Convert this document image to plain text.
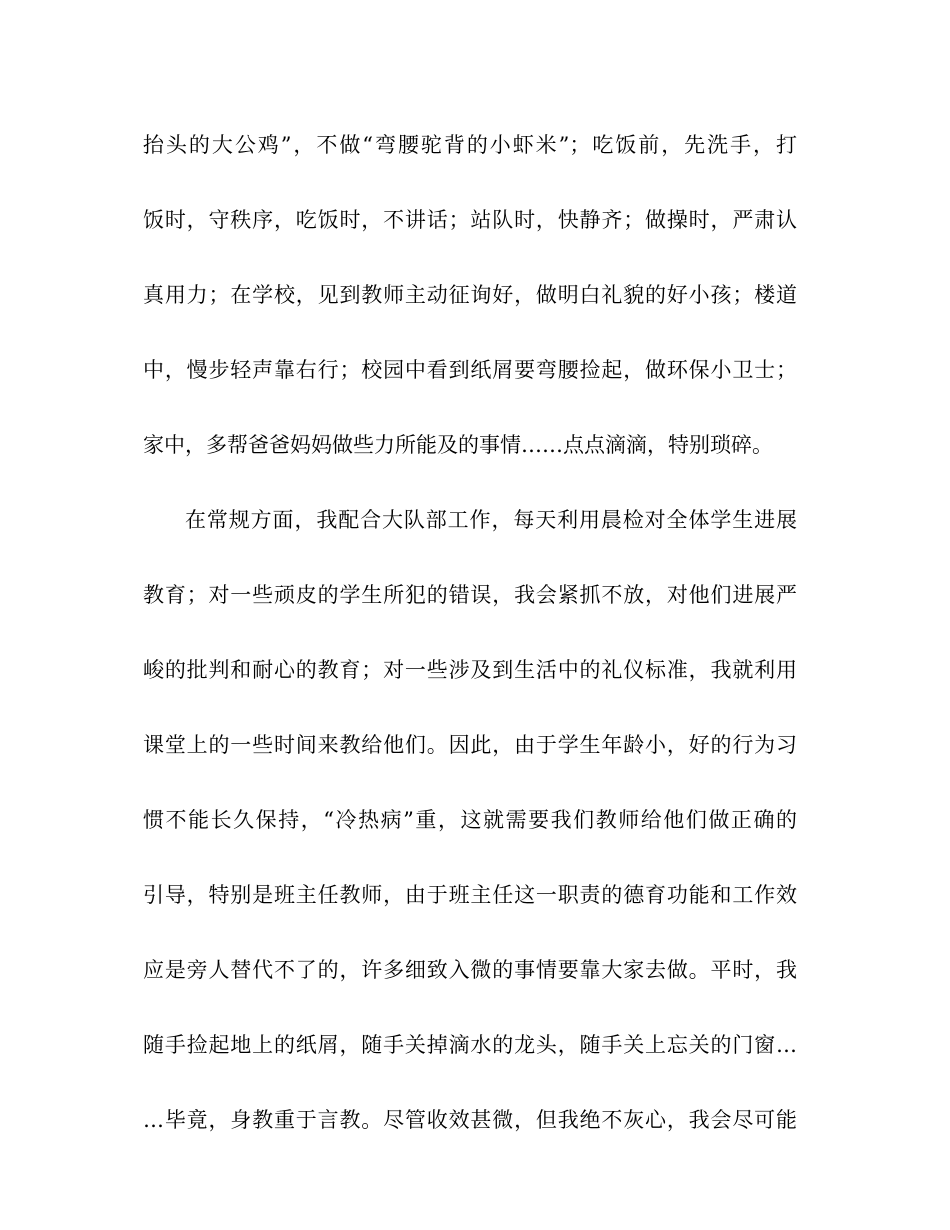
抬头的大公鸡”，不做“弯腰驼背的小虾米”；吃饭前，先洗手，打
饭时，守秩序，吃饭时，不讲话；站队时，快静齐；做操时，严肃认
真用力；在学校，见到教师主动征询好，做明白礼貌的好小孩；楼道
中，慢步轻声靠右行；校园中看到纸屑要弯腰捡起，做环保小卫士；
家中，多帮爸爸妈妈做些力所能及的事情……点点滴滴，特别琐碎。
在常规方面，我配合大队部工作，每天利用晨检对全体学生进展
教育；对一些顽皮的学生所犯的错误，我会紧抓不放，对他们进展严
峻的批判和耐心的教育；对一些涉及到生活中的礼仪标准，我就利用
课堂上的一些时间来教给他们。因此，由于学生年龄小，好的行为习
惯不能长久保持，“冷热病”重，这就需要我们教师给他们做正确的
引导，特别是班主任教师，由于班主任这一职责的德育功能和工作效
应是旁人替代不了的，许多细致入微的事情要靠大家去做。平时，我
随手捡起地上的纸屑，随手关掉滴水的龙头，随手关上忘关的门窗…
…毕竟，身教重于言教。尽管收效甚微，但我绝不灰心，我会尽可能
